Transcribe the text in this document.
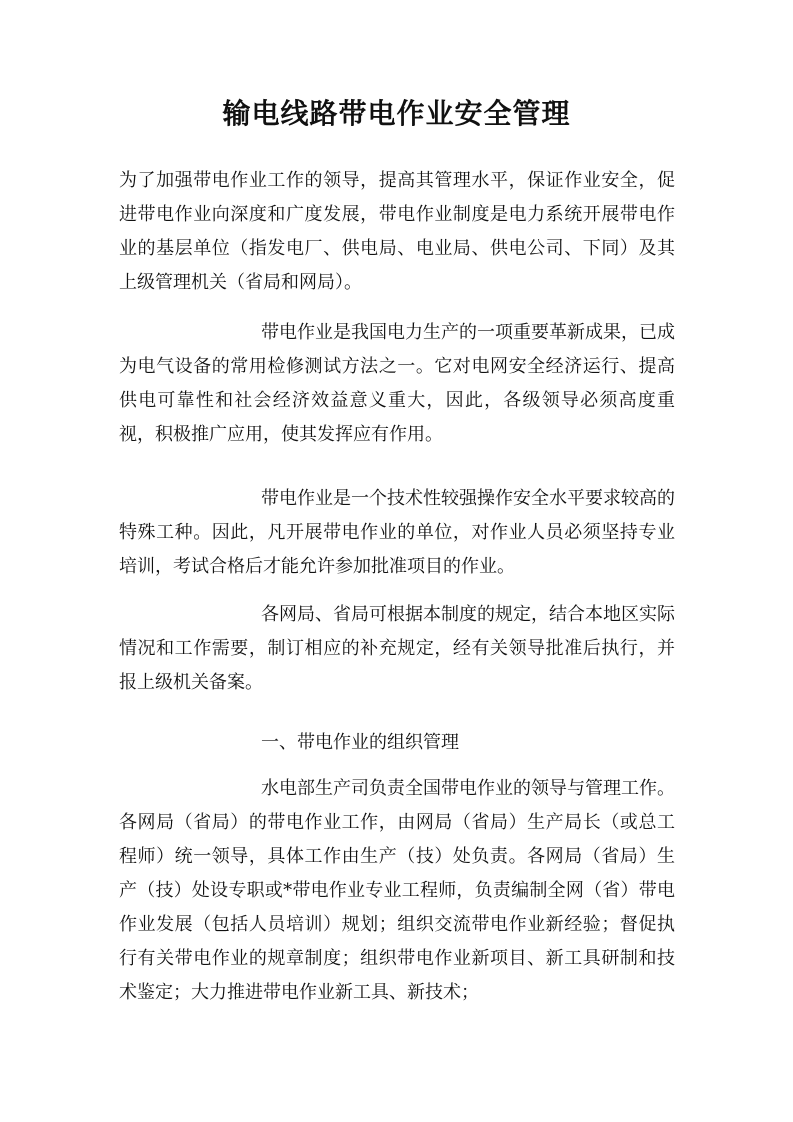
输电线路带电作业安全管理

为了加强带电作业工作的领导，提高其管理水平，保证作业安全，促进带电作业向深度和广度发展，带电作业制度是电力系统开展带电作业的基层单位（指发电厂、供电局、电业局、供电公司、下同）及其上级管理机关（省局和网局）。

带电作业是我国电力生产的一项重要革新成果，已成为电气设备的常用检修测试方法之一。它对电网安全经济运行、提高供电可靠性和社会经济效益意义重大，因此，各级领导必须高度重视，积极推广应用，使其发挥应有作用。

带电作业是一个技术性较强操作安全水平要求较高的特殊工种。因此，凡开展带电作业的单位，对作业人员必须坚持专业培训，考试合格后才能允许参加批准项目的作业。

各网局、省局可根据本制度的规定，结合本地区实际情况和工作需要，制订相应的补充规定，经有关领导批准后执行，并报上级机关备案。

一、带电作业的组织管理

水电部生产司负责全国带电作业的领导与管理工作。各网局（省局）的带电作业工作，由网局（省局）生产局长（或总工程师）统一领导，具体工作由生产（技）处负责。各网局（省局）生产（技）处设专职或*带电作业专业工程师，负责编制全网（省）带电作业发展（包括人员培训）规划；组织交流带电作业新经验；督促执行有关带电作业的规章制度；组织带电作业新项目、新工具研制和技术鉴定；大力推进带电作业新工具、新技术；
